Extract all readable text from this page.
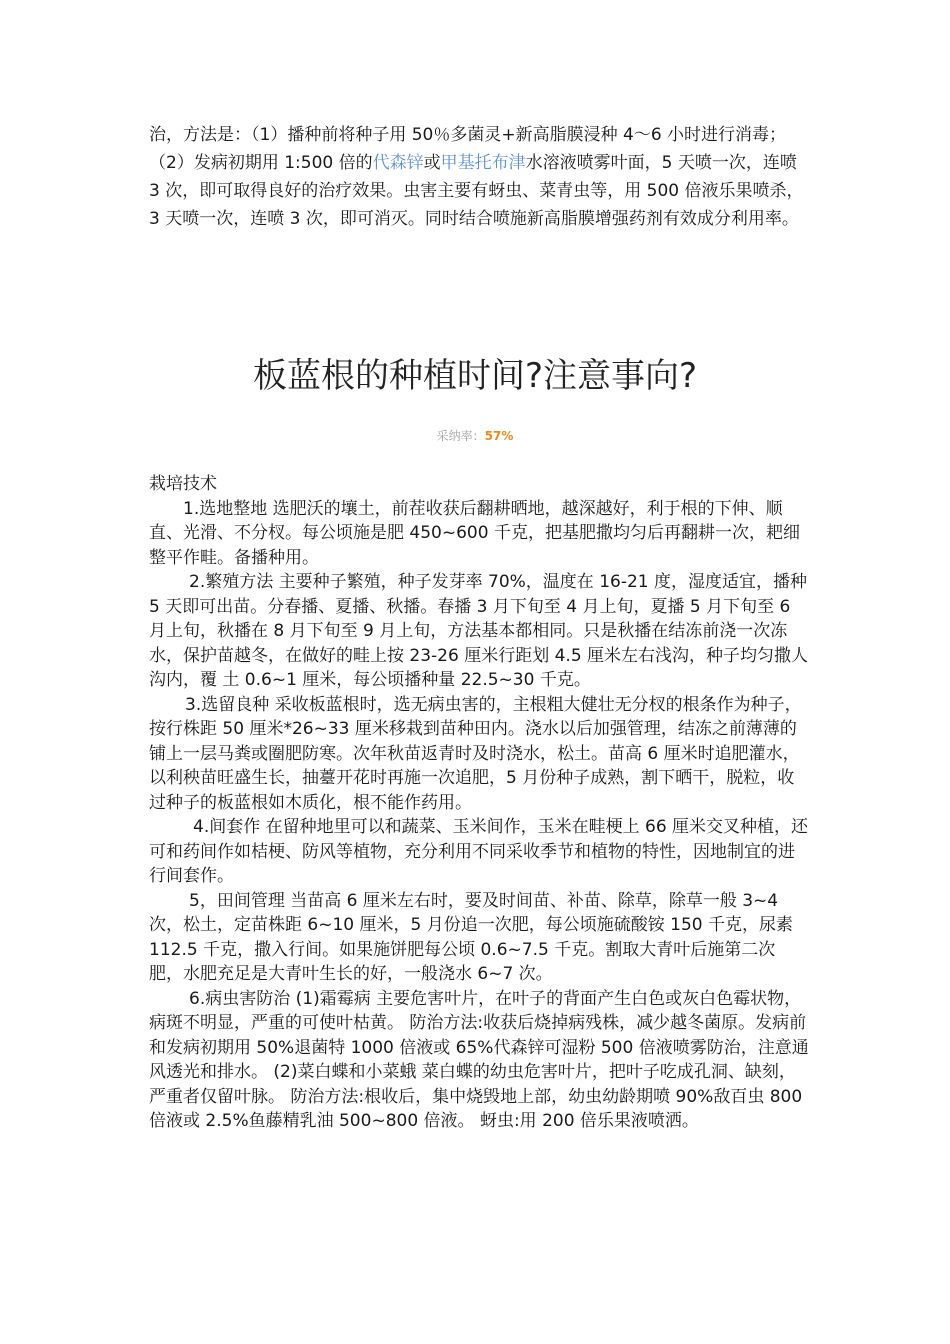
治，方法是：（1）播种前将种子用 50％多菌灵+新高脂膜浸种 4～6 小时进行消毒；（2）发病初期用 1:500 倍的代森锌或甲基托布津水溶液喷雾叶面，5 天喷一次，连喷 3 次，即可取得良好的治疗效果。虫害主要有蚜虫、菜青虫等，用 500 倍液乐果喷杀，3 天喷一次，连喷 3 次，即可消灭。同时结合喷施新高脂膜增强药剂有效成分利用率。

板蓝根的种植时间?注意事向?
采纳率：57%

栽培技术

1.选地整地 选肥沃的壤土，前茬收获后翻耕晒地，越深越好，利于根的下伸、顺直、光滑、不分杈。每公顷施是肥 450~600 千克，把基肥撒均匀后再翻耕一次，耙细整平作畦。备播种用。

2.繁殖方法 主要种子繁殖，种子发芽率 70%，温度在 16-21 度，湿度适宜，播种 5 天即可出苗。分春播、夏播、秋播。春播 3 月下旬至 4 月上旬，夏播 5 月下旬至 6 月上旬，秋播在 8 月下旬至 9 月上旬，方法基本都相同。只是秋播在结冻前浇一次冻水，保护苗越冬，在做好的畦上按 23-26 厘米行距划 4.5 厘米左右浅沟，种子均匀撒人沟内，覆 土 0.6~1 厘米，每公顷播种量 22.5~30 千克。

3.选留良种 采收板蓝根时，选无病虫害的，主根粗大健壮无分杈的根条作为种子，按行株距 50 厘米*26~33 厘米移栽到苗种田内。浇水以后加强管理，结冻之前薄薄的铺上一层马粪或圈肥防寒。次年秋苗返青时及时浇水，松土。苗高 6 厘米时追肥灌水，以利秧苗旺盛生长，抽薹开花时再施一次追肥，5 月份种子成熟，割下晒干，脱粒，收过种子的板蓝根如木质化，根不能作药用。

4.间套作 在留种地里可以和蔬菜、玉米间作，玉米在畦梗上 66 厘米交叉种植，还可和药间作如桔梗、防风等植物，充分利用不同采收季节和植物的特性，因地制宜的进行间套作。

5，田间管理 当苗高 6 厘米左右时，要及时间苗、补苗、除草，除草一般 3~4 次，松土，定苗株距 6~10 厘米，5 月份追一次肥，每公顷施硫酸铵 150 千克，尿素 112.5 千克，撒入行间。如果施饼肥每公顷 0.6~7.5 千克。割取大青叶后施第二次肥，水肥充足是大青叶生长的好，一般浇水 6~7 次。

6.病虫害防治 (1)霜霉病 主要危害叶片，在叶子的背面产生白色或灰白色霉状物，病斑不明显，严重的可使叶枯黄。 防治方法:收获后烧掉病残株，减少越冬菌原。发病前和发病初期用 50%退菌特 1000 倍液或 65%代森锌可湿粉 500 倍液喷雾防治，注意通风透光和排水。 (2)菜白蝶和小菜蛾 菜白蝶的幼虫危害叶片，把叶子吃成孔洞、缺刻，严重者仅留叶脉。 防治方法:根收后，集中烧毁地上部，幼虫幼龄期喷 90%敌百虫 800 倍液或 2.5%鱼藤精乳油 500~800 倍液。 蚜虫:用 200 倍乐果液喷洒。
